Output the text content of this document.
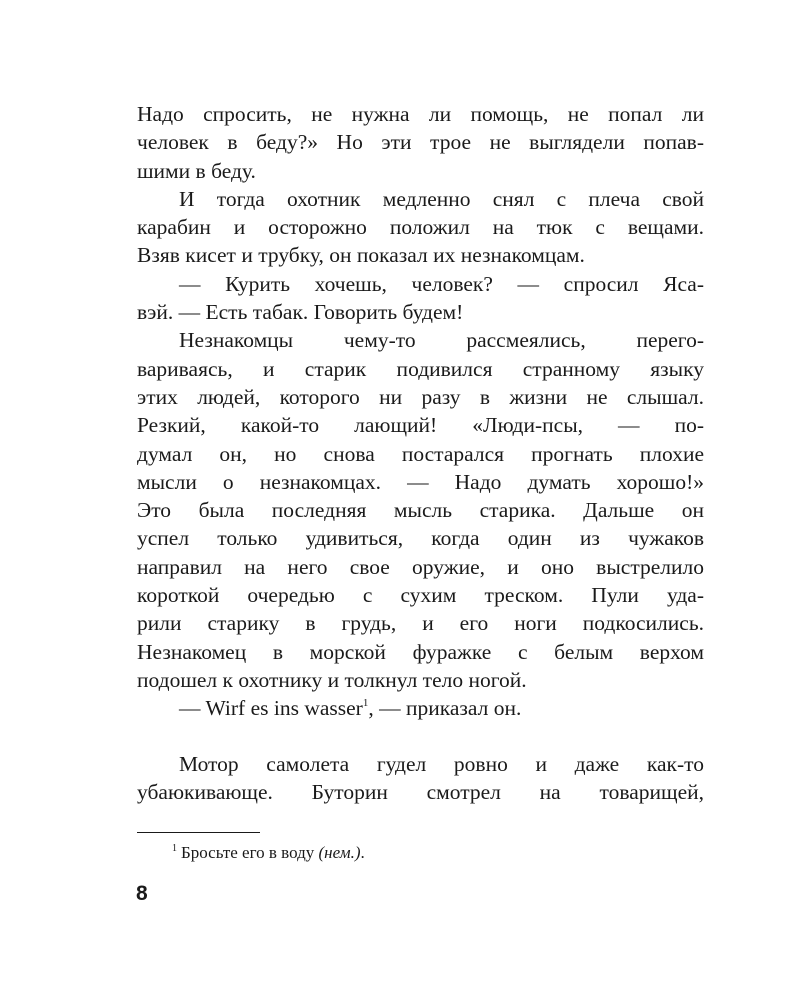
Надо спросить, не нужна ли помощь, не попал ли
человек в беду?» Но эти трое не выглядели попав-
шими в беду.
И тогда охотник медленно снял с плеча свой
карабин и осторожно положил на тюк с вещами.
Взяв кисет и трубку, он показал их незнакомцам.
— Курить хочешь, человек? — спросил Яса-
вэй. — Есть табак. Говорить будем!
Незнакомцы чему-то рассмеялись, перего-
вариваясь, и старик подивился странному языку
этих людей, которого ни разу в жизни не слышал.
Резкий, какой-то лающий! «Люди-псы, — по-
думал он, но снова постарался прогнать плохие
мысли о незнакомцах. — Надо думать хорошо!»
Это была последняя мысль старика. Дальше он
успел только удивиться, когда один из чужаков
направил на него свое оружие, и оно выстрелило
короткой очередью с сухим треском. Пули уда-
рили старику в грудь, и его ноги подкосились.
Незнакомец в морской фуражке с белым верхом
подошел к охотнику и толкнул тело ногой.
— Wirf es ins wasser$^1$, — приказал он.
Мотор самолета гудел ровно и даже как-то
убаюкивающе. Буторин смотрел на товарищей,
$^1$ Бросьте его в воду (нем.).
8
